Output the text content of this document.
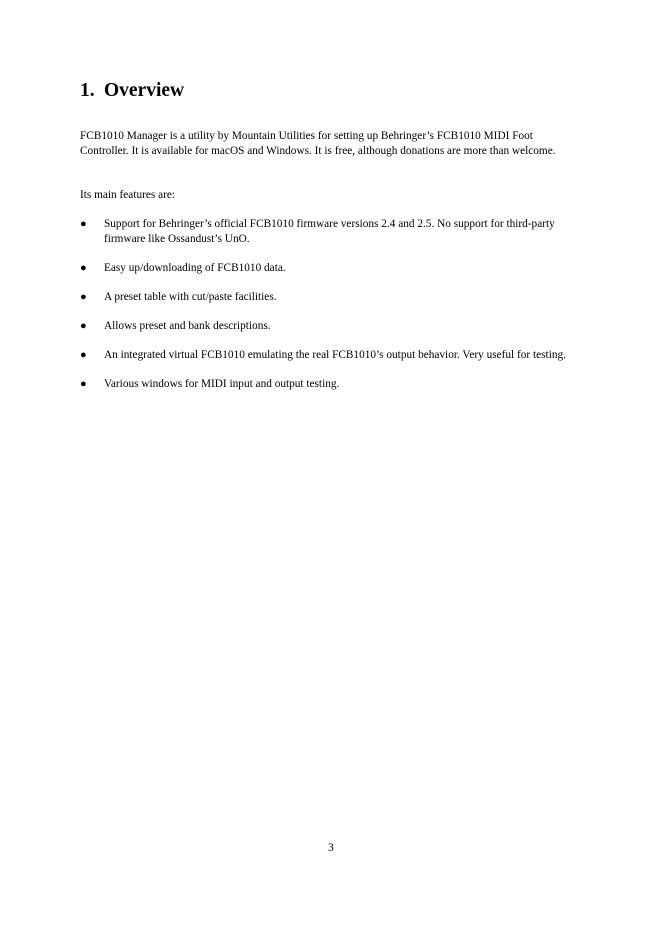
1. Overview

FCB1010 Manager is a utility by Mountain Utilities for setting up Behringer’s FCB1010 MIDI Foot Controller. It is available for macOS and Windows. It is free, although donations are more than welcome.

Its main features are:

● Support for Behringer’s official FCB1010 firmware versions 2.4 and 2.5. No support for third-party firmware like Ossandust’s UnO.
● Easy up/downloading of FCB1010 data.
● A preset table with cut/paste facilities.
● Allows preset and bank descriptions.
● An integrated virtual FCB1010 emulating the real FCB1010’s output behavior. Very useful for testing.
● Various windows for MIDI input and output testing.
3
